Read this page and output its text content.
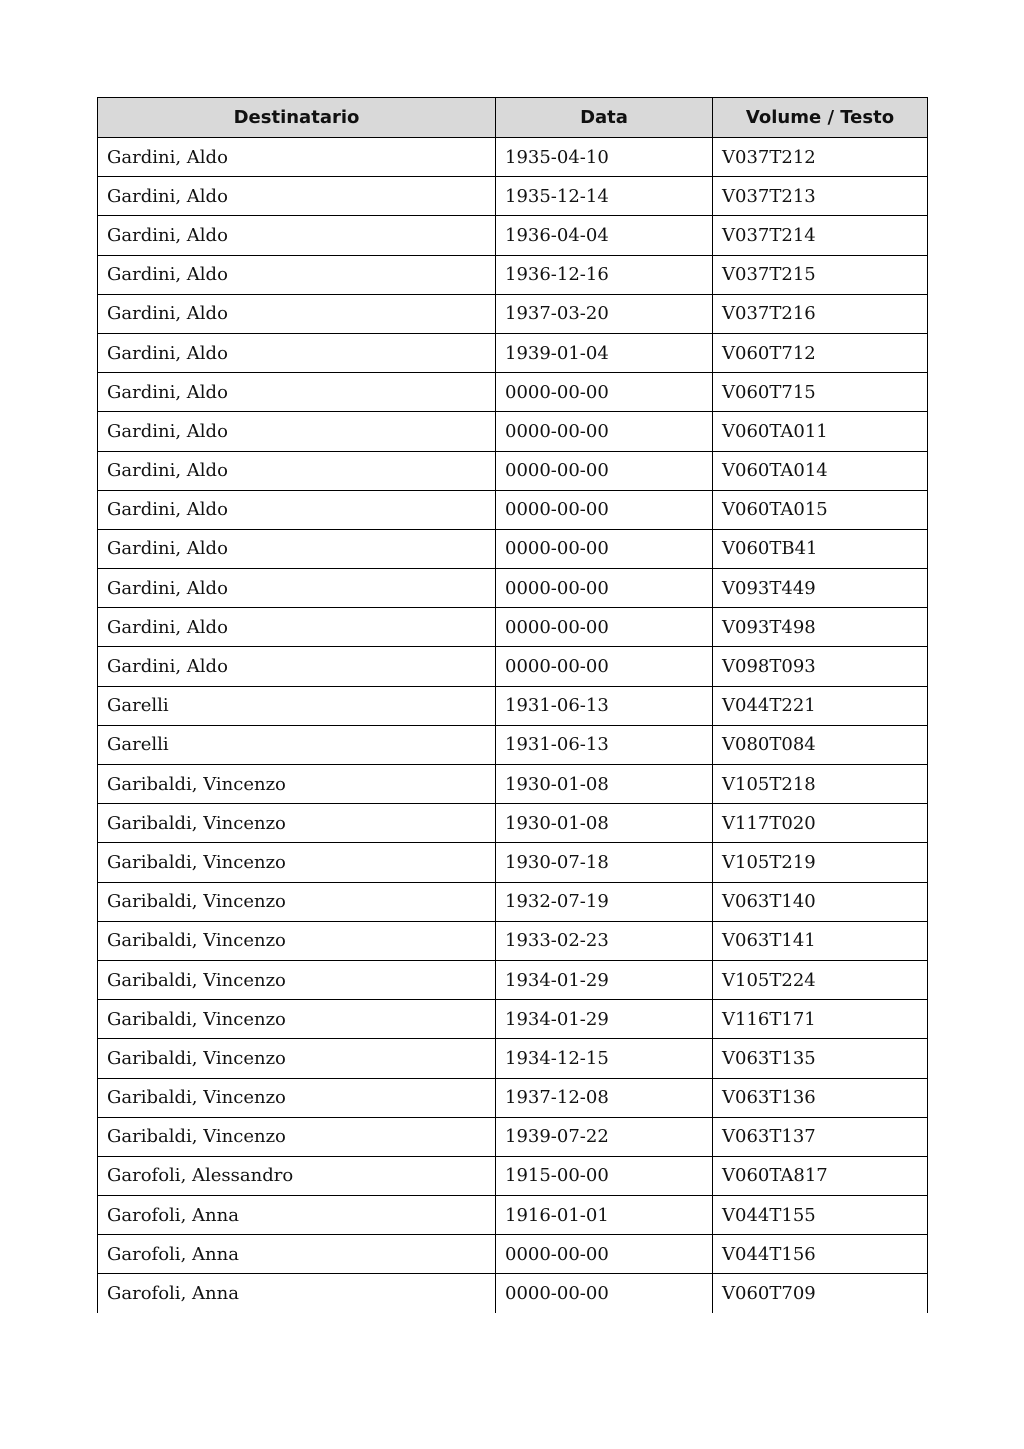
Destinatario	Data	Volume / Testo
Gardini, Aldo	1935-04-10	V037T212
Gardini, Aldo	1935-12-14	V037T213
Gardini, Aldo	1936-04-04	V037T214
Gardini, Aldo	1936-12-16	V037T215
Gardini, Aldo	1937-03-20	V037T216
Gardini, Aldo	1939-01-04	V060T712
Gardini, Aldo	0000-00-00	V060T715
Gardini, Aldo	0000-00-00	V060TA011
Gardini, Aldo	0000-00-00	V060TA014
Gardini, Aldo	0000-00-00	V060TA015
Gardini, Aldo	0000-00-00	V060TB41
Gardini, Aldo	0000-00-00	V093T449
Gardini, Aldo	0000-00-00	V093T498
Gardini, Aldo	0000-00-00	V098T093
Garelli	1931-06-13	V044T221
Garelli	1931-06-13	V080T084
Garibaldi, Vincenzo	1930-01-08	V105T218
Garibaldi, Vincenzo	1930-01-08	V117T020
Garibaldi, Vincenzo	1930-07-18	V105T219
Garibaldi, Vincenzo	1932-07-19	V063T140
Garibaldi, Vincenzo	1933-02-23	V063T141
Garibaldi, Vincenzo	1934-01-29	V105T224
Garibaldi, Vincenzo	1934-01-29	V116T171
Garibaldi, Vincenzo	1934-12-15	V063T135
Garibaldi, Vincenzo	1937-12-08	V063T136
Garibaldi, Vincenzo	1939-07-22	V063T137
Garofoli, Alessandro	1915-00-00	V060TA817
Garofoli, Anna	1916-01-01	V044T155
Garofoli, Anna	0000-00-00	V044T156
Garofoli, Anna	0000-00-00	V060T709
